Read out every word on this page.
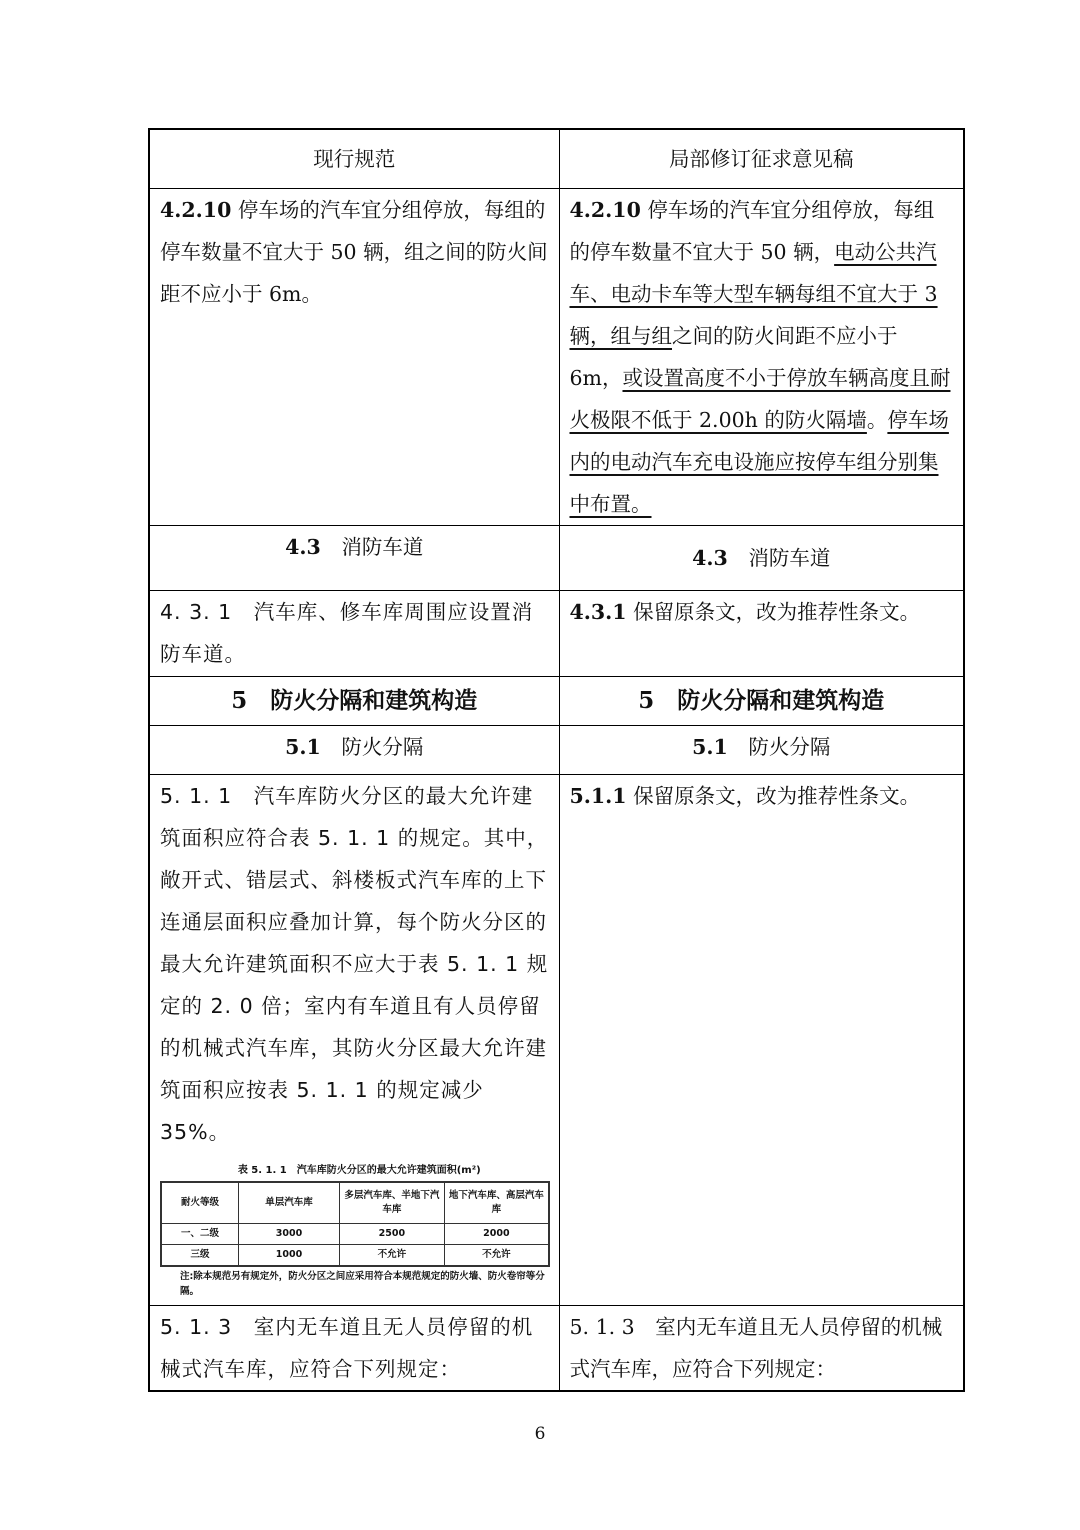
现行规范	局部修订征求意见稿
4.2.10 停车场的汽车宜分组停放，每组的停车数量不宜大于 50 辆，组之间的防火间距不应小于 6m。	4.2.10 停车场的汽车宜分组停放，每组的停车数量不宜大于 50 辆，电动公共汽车、电动卡车等大型车辆每组不宜大于 3 辆，组与组之间的防火间距不应小于 6m，或设置高度不小于停放车辆高度且耐火极限不低于 2.00h 的防火隔墙。停车场内的电动汽车充电设施应按停车组分别集中布置。
4.3　 消防车道	4.3　 消防车道
4. 3. 1　汽车库、修车库周围应设置消防车道。	4.3.1 保留原条文，改为推荐性条文。
5　防火分隔和建筑构造	5　防火分隔和建筑构造
5.1　 防火分隔	5.1　 防火分隔

5. 1. 1　汽车库防火分区的最大允许建筑面积应符合表 5. 1. 1 的规定。其中，敞开式、错层式、斜楼板式汽车库的上下连通层面积应叠加计算，每个防火分区的最大允许建筑面积不应大于表 5. 1. 1 规定的 2. 0 倍；室内有车道且有人员停留的机械式汽车库，其防火分区最大允许建筑面积应按表 5. 1. 1 的规定减少 35%。
表 5. 1. 1　汽车库防火分区的最大允许建筑面积(m²)
耐火等级	单层汽车库	多层汽车库、半地下汽车库	地下汽车库、高层汽车库
一、二级	3000	2500	2000
三级	1000	不允许	不允许
注:除本规范另有规定外，防火分区之间应采用符合本规范规定的防火墙、防火卷帘等分隔。
	5.1.1 保留原条文，改为推荐性条文。
5. 1. 3　室内无车道且无人员停留的机械式汽车库，应符合下列规定：	5. 1. 3　室内无车道且无人员停留的机械式汽车库，应符合下列规定：
6
